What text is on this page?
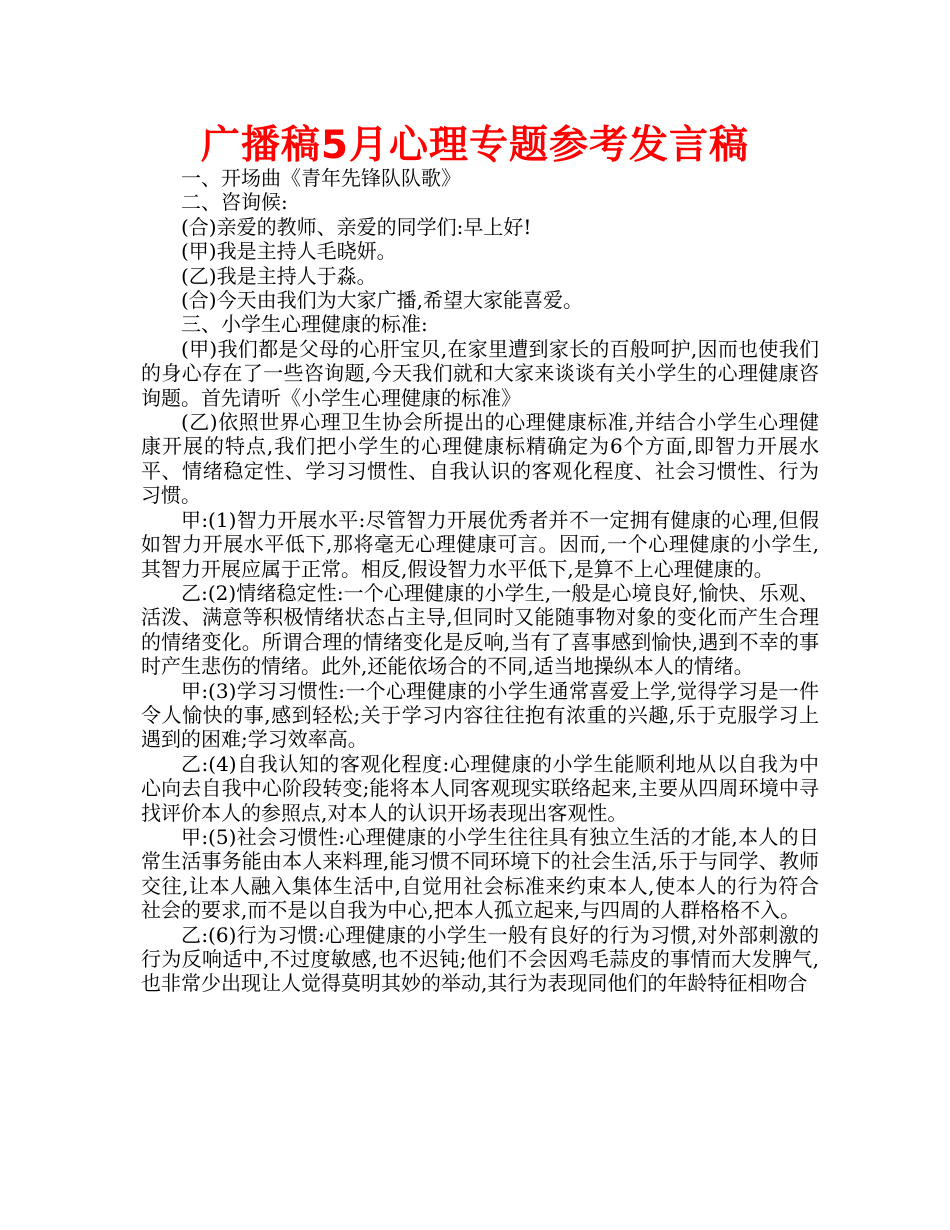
广播稿5月心理专题参考发言稿

一、开场曲《青年先锋队队歌》

二、咨询候:

(合)亲爱的教师、亲爱的同学们:早上好!

(甲)我是主持人毛晓妍。

(乙)我是主持人于淼。

(合)今天由我们为大家广播,希望大家能喜爱。

三、小学生心理健康的标准:

(甲)我们都是父母的心肝宝贝,在家里遭到家长的百般呵护,因而也使我们的身心存在了一些咨询题,今天我们就和大家来谈谈有关小学生的心理健康咨询题。首先请听《小学生心理健康的标准》

(乙)依照世界心理卫生协会所提出的心理健康标准,并结合小学生心理健康开展的特点,我们把小学生的心理健康标精确定为6个方面,即智力开展水平、情绪稳定性、学习习惯性、自我认识的客观化程度、社会习惯性、行为习惯。

甲:(1)智力开展水平:尽管智力开展优秀者并不一定拥有健康的心理,但假如智力开展水平低下,那将毫无心理健康可言。因而,一个心理健康的小学生,其智力开展应属于正常。相反,假设智力水平低下,是算不上心理健康的。

乙:(2)情绪稳定性:一个心理健康的小学生,一般是心境良好,愉快、乐观、活泼、满意等积极情绪状态占主导,但同时又能随事物对象的变化而产生合理的情绪变化。所谓合理的情绪变化是反响,当有了喜事感到愉快,遇到不幸的事时产生悲伤的情绪。此外,还能依场合的不同,适当地操纵本人的情绪。

甲:(3)学习习惯性:一个心理健康的小学生通常喜爱上学,觉得学习是一件令人愉快的事,感到轻松;关于学习内容往往抱有浓重的兴趣,乐于克服学习上遇到的困难;学习效率高。

乙:(4)自我认知的客观化程度:心理健康的小学生能顺利地从以自我为中心向去自我中心阶段转变;能将本人同客观现实联络起来,主要从四周环境中寻找评价本人的参照点,对本人的认识开场表现出客观性。

甲:(5)社会习惯性:心理健康的小学生往往具有独立生活的才能,本人的日常生活事务能由本人来料理,能习惯不同环境下的社会生活,乐于与同学、教师交往,让本人融入集体生活中,自觉用社会标准来约束本人,使本人的行为符合社会的要求,而不是以自我为中心,把本人孤立起来,与四周的人群格格不入。

乙:(6)行为习惯:心理健康的小学生一般有良好的行为习惯,对外部刺激的行为反响适中,不过度敏感,也不迟钝;他们不会因鸡毛蒜皮的事情而大发脾气,也非常少出现让人觉得莫明其妙的举动,其行为表现同他们的年龄特征相吻合
